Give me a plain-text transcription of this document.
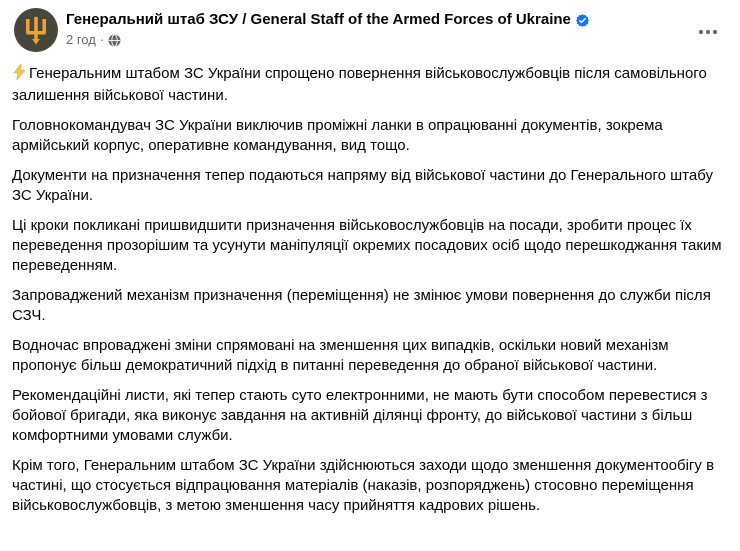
Генеральний штаб ЗСУ / General Staff of the Armed Forces of Ukraine
2 год ·

Генеральним штабом ЗС України спрощено повернення військовослужбовців після самовільного залишення військової частини.

Головнокомандувач ЗС України виключив проміжні ланки в опрацюванні документів, зокрема армійський корпус, оперативне командування, вид тощо.

Документи на призначення тепер подаються напряму від військової частини до Генерального штабу ЗС України.

Ці кроки покликані пришвидшити призначення військовослужбовців на посади, зробити процес їх переведення прозорішим та усунути маніпуляції окремих посадових осіб щодо перешкоджання таким переведенням.

Запроваджений механізм призначення (переміщення) не змінює умови повернення до служби після СЗЧ.

Водночас впроваджені зміни спрямовані на зменшення цих випадків, оскільки новий механізм пропонує більш демократичний підхід в питанні переведення до обраної військової частини.

Рекомендаційні листи, які тепер стають суто електронними, не мають бути способом перевестися з бойової бригади, яка виконує завдання на активній ділянці фронту, до військової частини з більш комфортними умовами служби.

Крім того, Генеральним штабом ЗС України здійснюються заходи щодо зменшення документообігу в частині, що стосується відпрацювання матеріалів (наказів, розпоряджень) стосовно переміщення військовослужбовців, з метою зменшення часу прийняття кадрових рішень.
